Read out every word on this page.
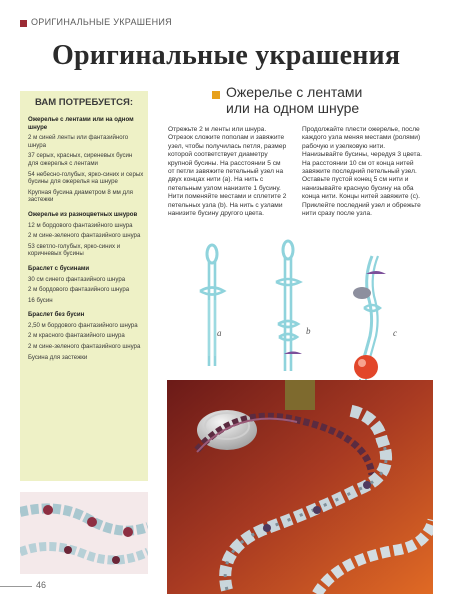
ОРИГИНАЛЬНЫЕ УКРАШЕНИЯ
Оригинальные украшения
Ожерелье с лентами
или на одном шнуре
ВАМ ПОТРЕБУЕТСЯ:
Ожерелье с лентами или на одном шнуре
2 м синей ленты или фантазийного шнура
37 серых, красных, сиреневых бусин для ожерелья с лентами
54 небесно-голубых, ярко-синих и серых бусины для ожерелья на шнуре
Крупная бусина диаметром 8 мм для застежки
Ожерелье из разноцветных шнуров
12 м бордового фантазийного шнура
2 м сине-зеленого фантазийного шнура
53 светло-голубых, ярко-синих и коричневых бусины
Браслет с бусинами
30 см синего фантазийного шнура
2 м бордового фантазийного шнура
16 бусин
Браслет без бусин
2,50 м бордового фантазийного шнура
2 м красного фантазийного шнура
2 м сине-зеленого фантазийного шнура
Бусина для застежки

Отрежьте 2 м ленты или шнура. Отрезок сложите пополам и завяжите узел, чтобы получилась петля, размер которой соответствует диаметру крупной бусины. На расстоянии 5 см от петли завяжите петельный узел на двух концах нити (a). На нить с петельным узлом нанизите 1 бусину. Нити поменяйте местами и сплетите 2 петельных узла (b). На нить с узлами нанизите бусину другого цвета.

Продолжайте плести ожерелье, после каждого узла меняя местами (ролями) рабочую и узелковую нити. Нанизывайте бусины, чередуя 3 цвета. На расстоянии 10 см от конца нитей завяжите последний петельный узел. Оставьте пустой конец 5 см нити и нанизывайте красную бусину на оба конца нити. Концы нитей завяжите (c). Приклейте последний узел и обрежьте нити сразу после узла.

a	b	c
46
